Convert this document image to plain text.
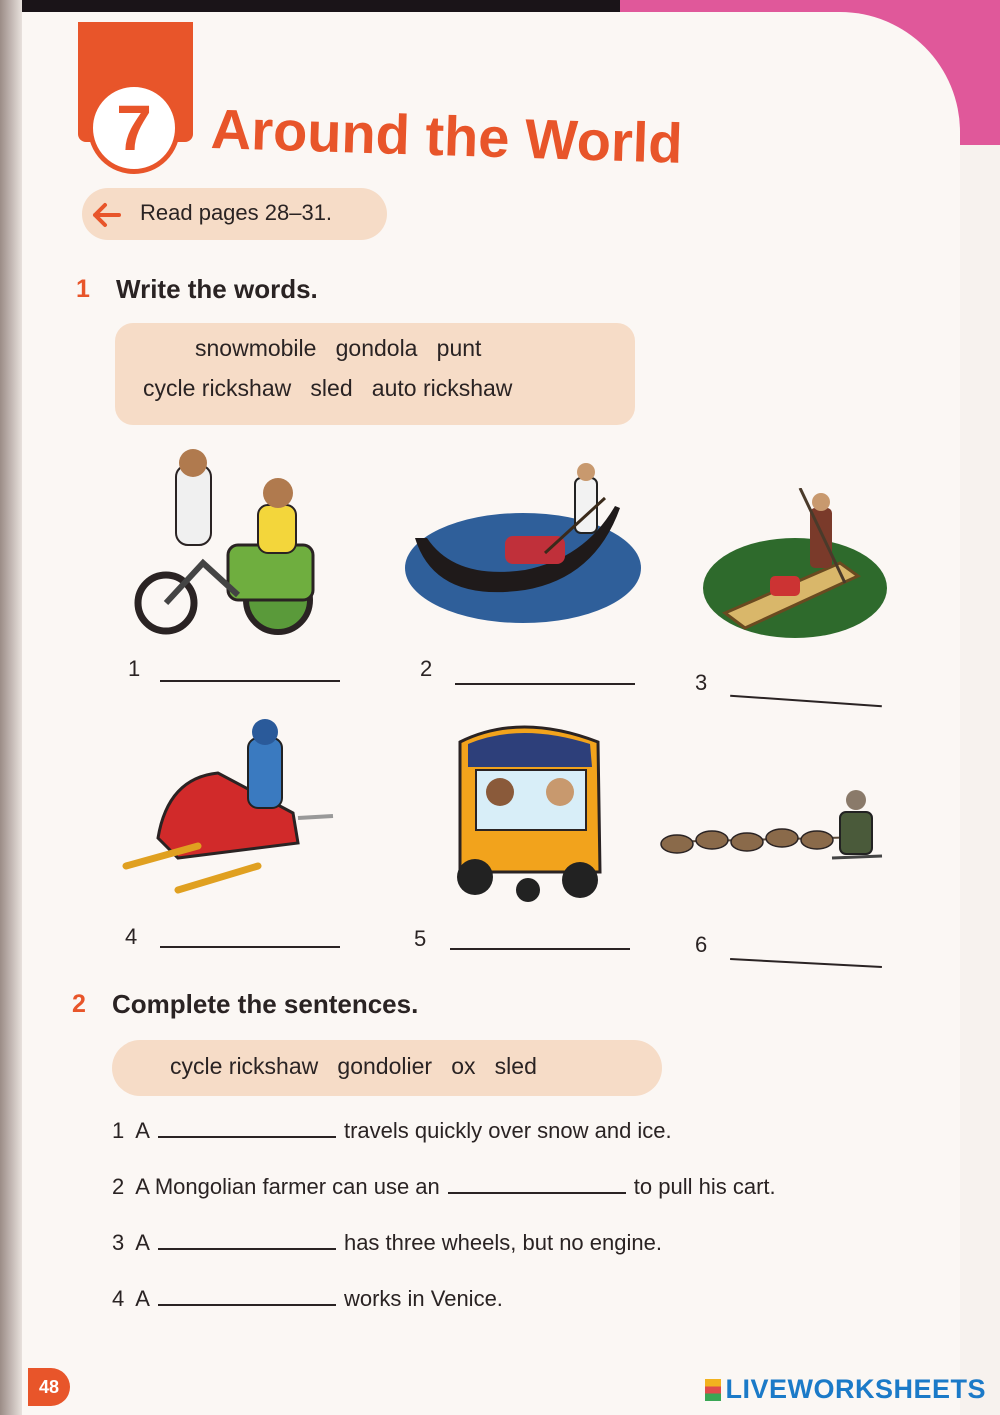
7	Around the World
Read pages 28–31.
1 Write the words.
snowmobile   gondola   punt
cycle rickshaw   sled   auto rickshaw
1	2
3
4	5	6
2 Complete the sentences.
cycle rickshaw   gondolier   ox   sled
1 A	travels quickly over snow and ice.
2 A Mongolian farmer can use an	to pull his cart.
3 A	has three wheels, but no engine.
4 A	works in Venice.
48	LIVEWORKSHEETS
